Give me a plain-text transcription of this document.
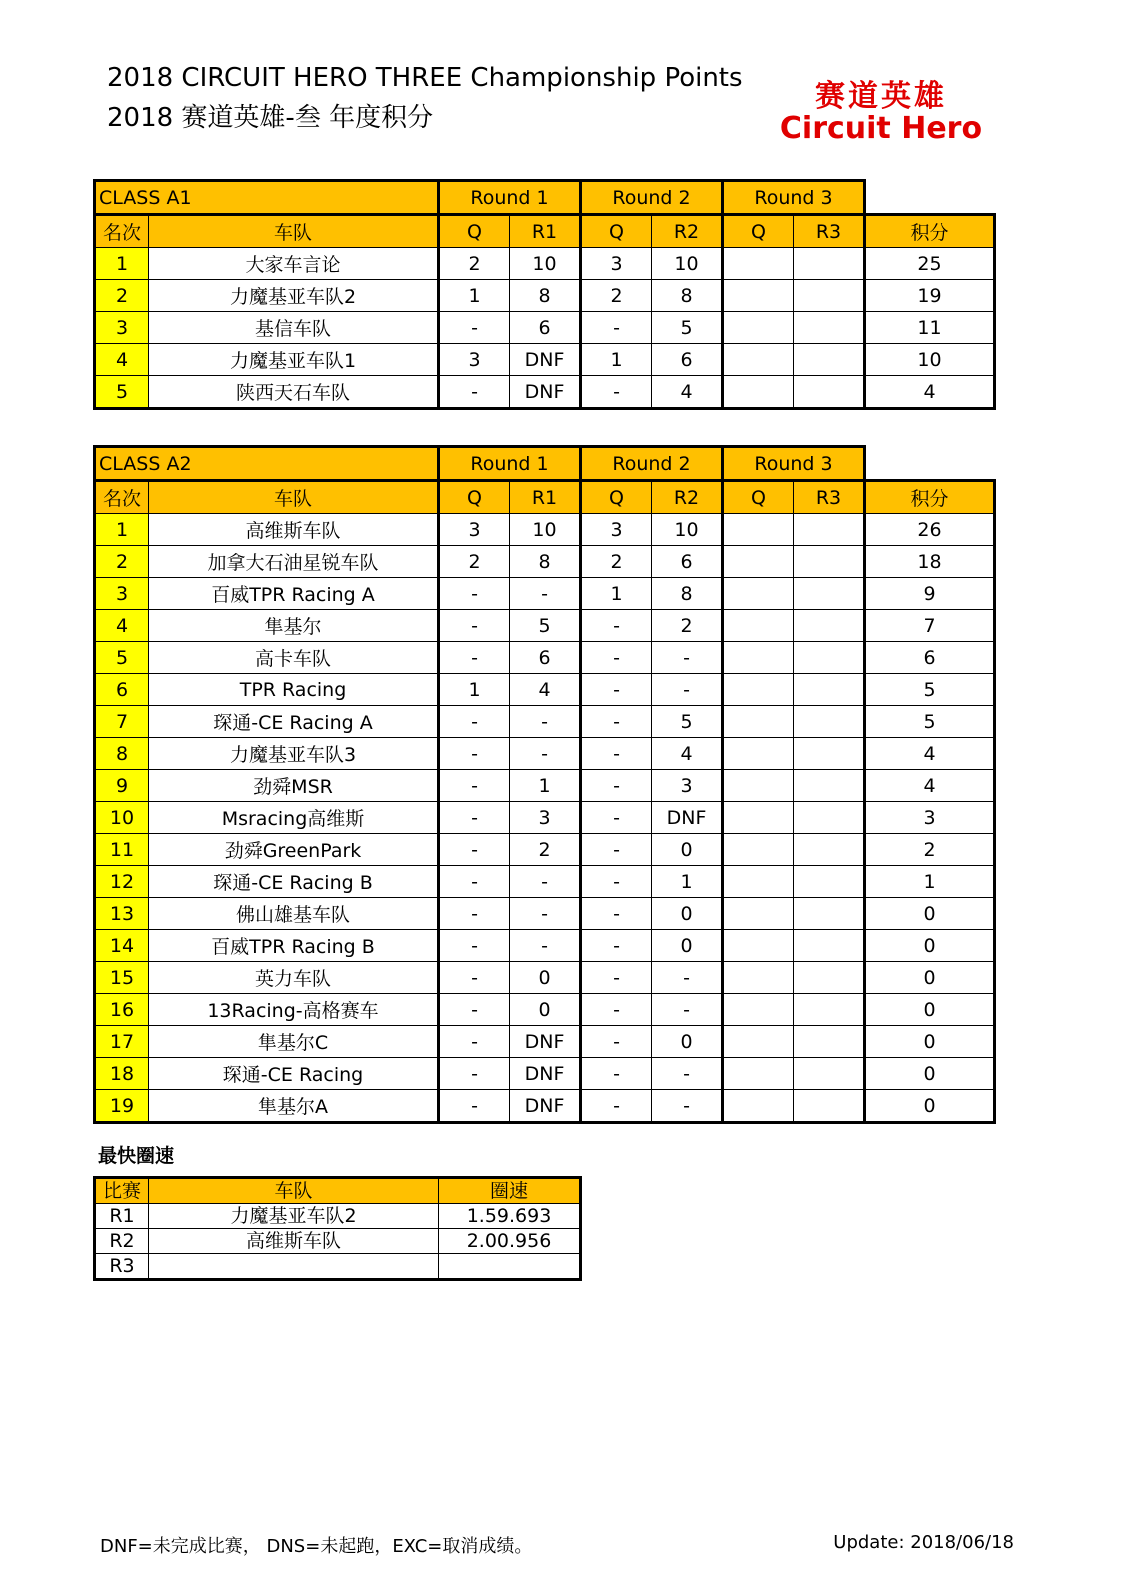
2018 CIRCUIT HERO THREE Championship Points
2018 赛道英雄-叁 年度积分
赛道英雄
Circuit Hero
CLASS A1		Round 1		Round 2		Round 3		
名次	车队	Q	R1	Q	R2	Q	R3	积分
1	大家车言论	2	10	3	10			25
2	力魔基亚车队2	1	8	2	8			19
3	基信车队	-	6	-	5			11
4	力魔基亚车队1	3	DNF	1	6			10
5	陕西天石车队	-	DNF	-	4			4
CLASS A2		Round 1		Round 2		Round 3		
名次	车队	Q	R1	Q	R2	Q	R3	积分
1	高维斯车队	3	10	3	10			26
2	加拿大石油星锐车队	2	8	2	6			18
3	百威TPR Racing A	-	-	1	8			9
4	隼基尔	-	5	-	2			7
5	高卡车队	-	6	-	-			6
6	TPR Racing	1	4	-	-			5
7	琛通-CE Racing A	-	-	-	5			5
8	力魔基亚车队3	-	-	-	4			4
9	劲舜MSR	-	1	-	3			4
10	Msracing高维斯	-	3	-	DNF			3
11	劲舜GreenPark	-	2	-	0			2
12	琛通-CE Racing B	-	-	-	1			1
13	佛山雄基车队	-	-	-	0			0
14	百威TPR Racing B	-	-	-	0			0
15	英力车队	-	0	-	-			0
16	13Racing-高格赛车	-	0	-	-			0
17	隼基尔C	-	DNF	-	0			0
18	琛通-CE Racing	-	DNF	-	-			0
19	隼基尔A	-	DNF	-	-			0
最快圈速
比赛	车队	圈速
R1	力魔基亚车队2	1.59.693
R2	高维斯车队	2.00.956
R3		
DNF=未完成比赛， DNS=未起跑，EXC=取消成绩。	Update: 2018/06/18
